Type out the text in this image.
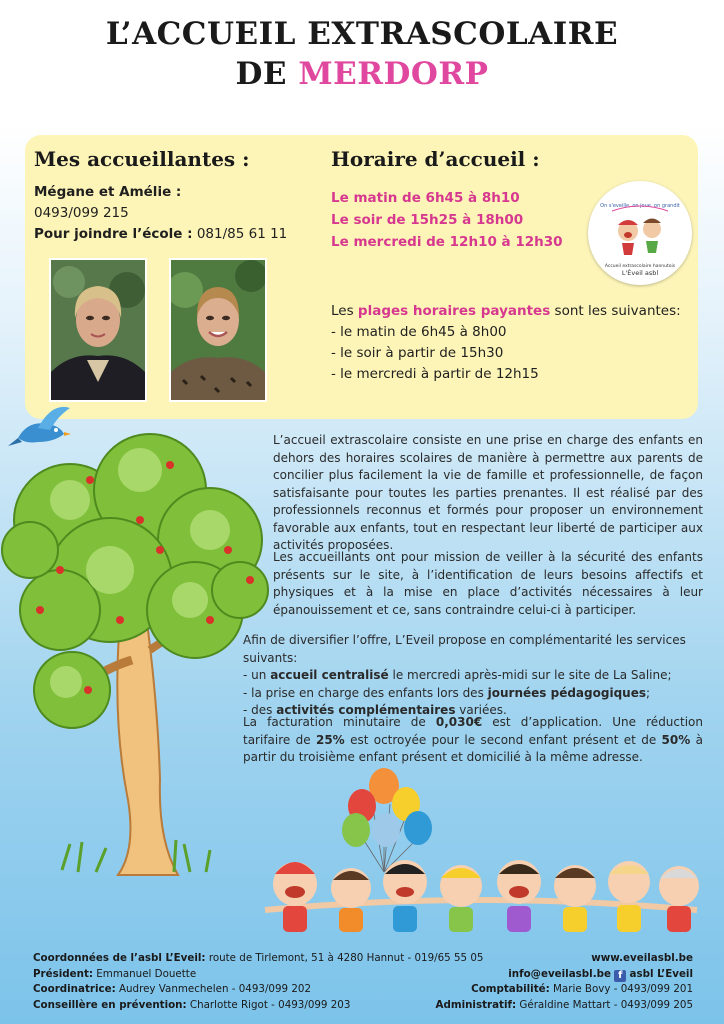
L’ACCUEIL EXTRASCOLAIRE
DE MERDORP
Mes accueillantes :
Mégane et Amélie :
0493/099 215
Pour joindre l’école : 081/85 61 11
Horaire d’accueil :
Le matin de 6h45 à 8h10
Le soir de 15h25 à 18h00
Le mercredi de 12h10 à 12h30
On s'eveille, on joue, on grandit
Accueil extrascolaire hannutois
L'Éveil asbl
Les plages horaires payantes sont les suivantes:
- le matin de 6h45 à 8h00
- le soir à partir de 15h30
- le mercredi à partir de 12h15
L’accueil extrascolaire consiste en une prise en charge des enfants en dehors des horaires scolaires de manière à permettre aux parents de concilier plus facilement la vie de famille et professionnelle, de façon satisfaisante pour toutes les parties prenantes. Il est réalisé par des professionnels reconnus et formés pour proposer un environnement favorable aux enfants, tout en respectant leur liberté de participer aux activités proposées.
Les accueillants ont pour mission de veiller à la sécurité des enfants présents sur le site, à l’identification de leurs besoins affectifs et physiques et à la mise en place d’activités nécessaires à leur épanouissement et ce, sans contraindre celui-ci à participer.
Afin de diversifier l’offre, L’Eveil propose en complémentarité les services suivants:
- un accueil centralisé le mercredi après-midi sur le site de La Saline;
- la prise en charge des enfants lors des journées pédagogiques;
- des activités complémentaires variées.
La facturation minutaire de 0,030€ est d’application. Une réduction tarifaire de 25% est octroyée pour le second enfant présent et de 50% à partir du troisième enfant présent et domicilié à la même adresse.
Coordonnées de l’asbl L’Eveil: route de Tirlemont, 51 à 4280 Hannut - 019/65 55 05
Président: Emmanuel Douette
Coordinatrice: Audrey Vanmechelen - 0493/099 202
Conseillère en prévention: Charlotte Rigot - 0493/099 203
www.eveilasbl.be
info@eveilasbl.be f asbl L’Eveil
Comptabilité: Marie Bovy - 0493/099 201
Administratif: Géraldine Mattart - 0493/099 205
